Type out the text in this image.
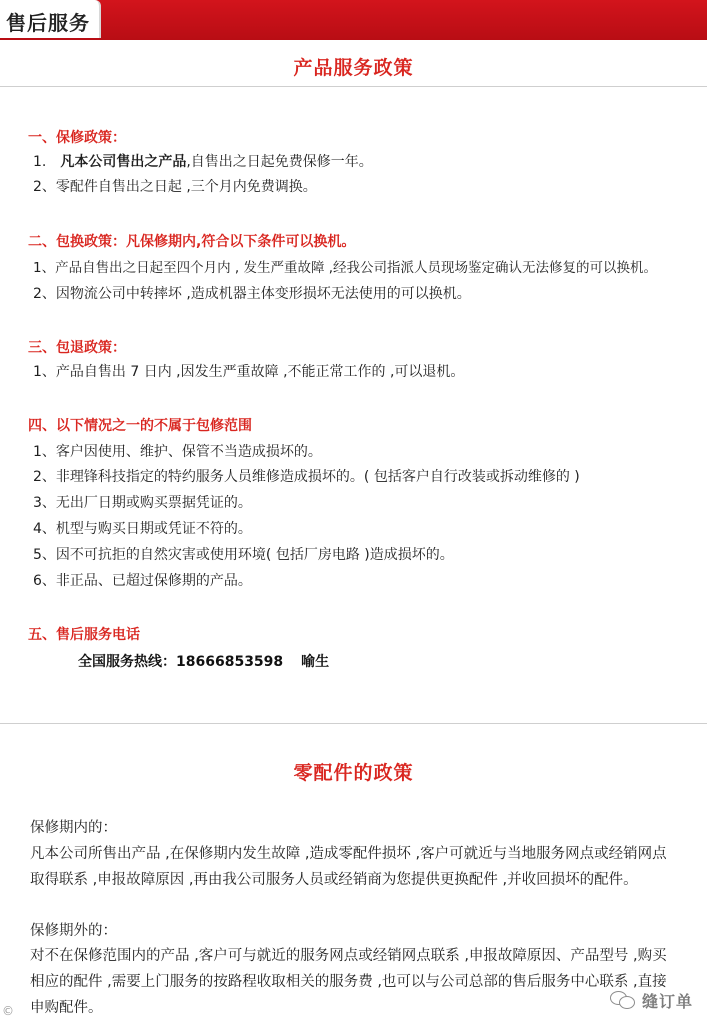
售后服务
产品服务政策
一、保修政策：
1. 凡本公司售出之产品,自售出之日起免费保修一年。
2、零配件自售出之日起 ,三个月内免费调换。
二、包换政策：凡保修期内,符合以下条件可以换机。
1、产品自售出之日起至四个月内 , 发生严重故障 ,经我公司指派人员现场鉴定确认无法修复的可以换机。
2、因物流公司中转摔坏 ,造成机器主体变形损坏无法使用的可以换机。
三、包退政策：
1、产品自售出 7 日内 ,因发生严重故障 ,不能正常工作的 ,可以退机。
四、以下情况之一的不属于包修范围
1、客户因使用、维护、保管不当造成损坏的。
2、非理锋科技指定的特约服务人员维修造成损坏的。( 包括客户自行改装或拆动维修的 )
3、无出厂日期或购买票据凭证的。
4、机型与购买日期或凭证不符的。
5、因不可抗拒的自然灾害或使用环境( 包括厂房电路 )造成损坏的。
6、非正品、已超过保修期的产品。
五、售后服务电话
全国服务热线：18666853598 喻生
零配件的政策
保修期内的：
凡本公司所售出产品 ,在保修期内发生故障 ,造成零配件损坏 ,客户可就近与当地服务网点或经销网点
取得联系 ,申报故障原因 ,再由我公司服务人员或经销商为您提供更换配件 ,并收回损坏的配件。
保修期外的：
对不在保修范围内的产品 ,客户可与就近的服务网点或经销网点联系 ,申报故障原因、产品型号 ,购买
相应的配件 ,需要上门服务的按路程收取相关的服务费 ,也可以与公司总部的售后服务中心联系 ,直接
申购配件。
©
缝订单
